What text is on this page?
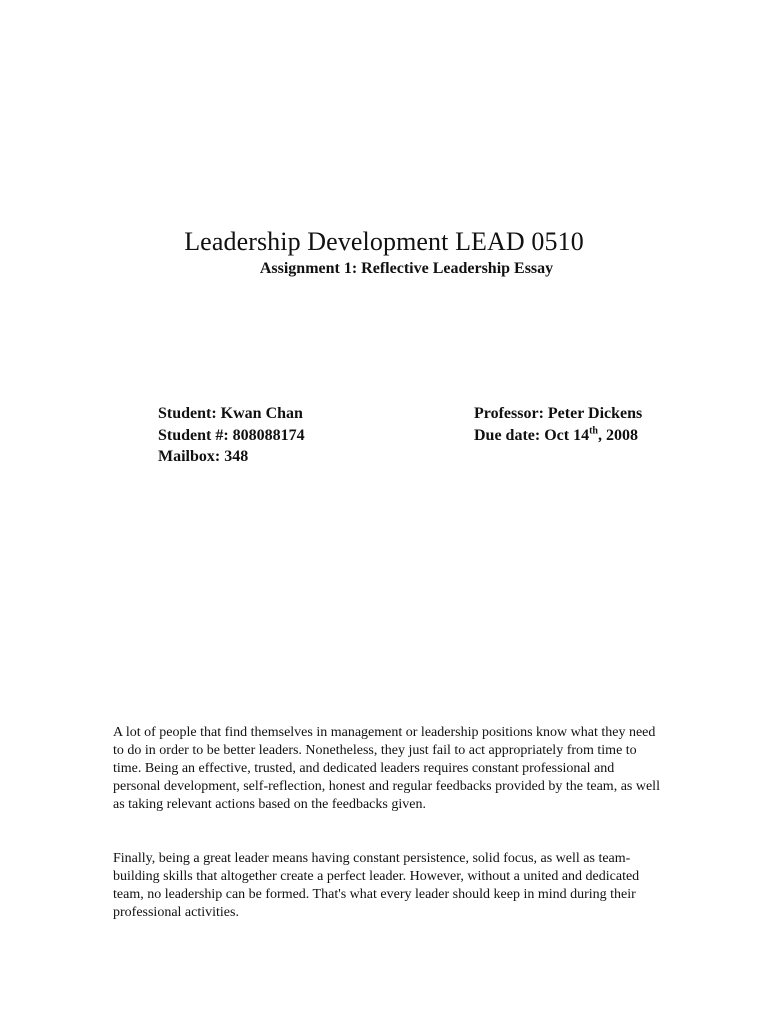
Leadership Development LEAD 0510
Assignment 1: Reflective Leadership Essay
Student: Kwan Chan
Student #: 808088174
Mailbox: 348
Professor: Peter Dickens
Due date: Oct 14th, 2008

A lot of people that find themselves in management or leadership positions know what they need to do in order to be better leaders. Nonetheless, they just fail to act appropriately from time to time. Being an effective, trusted, and dedicated leaders requires constant professional and personal development, self-reflection, honest and regular feedbacks provided by the team, as well as taking relevant actions based on the feedbacks given.

Finally, being a great leader means having constant persistence, solid focus, as well as team-building skills that altogether create a perfect leader. However, without a united and dedicated team, no leadership can be formed. That's what every leader should keep in mind during their professional activities.
